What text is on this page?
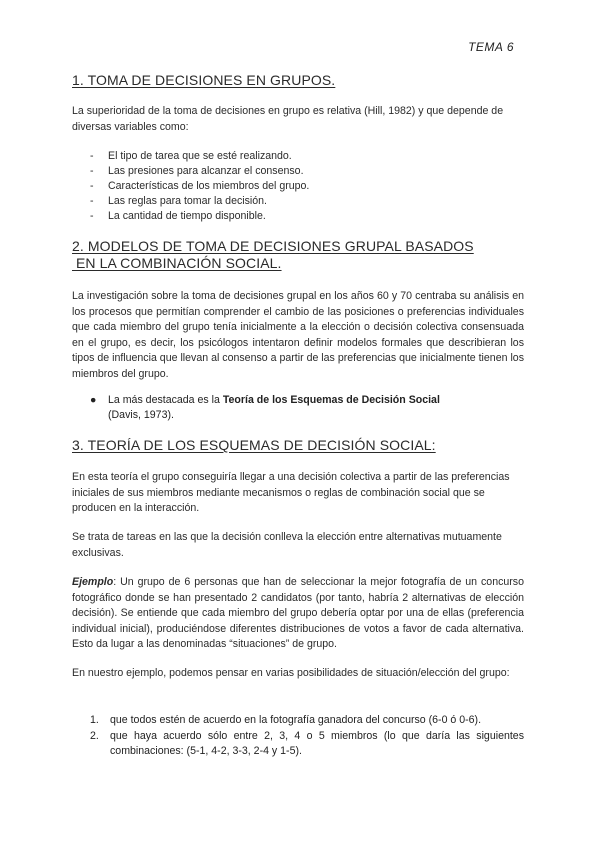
TEMA 6
1. TOMA DE DECISIONES EN GRUPOS.
La superioridad de la toma de decisiones en grupo es relativa (Hill, 1982) y que depende de
diversas variables como:
- El tipo de tarea que se esté realizando.
- Las presiones para alcanzar el consenso.
- Características de los miembros del grupo.
- Las reglas para tomar la decisión.
- La cantidad de tiempo disponible.
2. MODELOS DE TOMA DE DECISIONES GRUPAL BASADOS
EN LA COMBINACIÓN SOCIAL.
La investigación sobre la toma de decisiones grupal en los años 60 y 70 centraba su análisis en los procesos que permitían comprender el cambio de las posiciones o preferencias individuales que cada miembro del grupo tenía inicialmente a la elección o decisión colectiva consensuada en el grupo, es decir, los psicólogos intentaron definir modelos formales que describieran los tipos de influencia que llevan al consenso a partir de las preferencias que inicialmente tienen los miembros del grupo.
● La más destacada es la Teoría de los Esquemas de Decisión Social
(Davis, 1973).
3. TEORÍA DE LOS ESQUEMAS DE DECISIÓN SOCIAL:
En esta teoría el grupo conseguiría llegar a una decisión colectiva a partir de las preferencias iniciales de sus miembros mediante mecanismos o reglas de combinación social que se producen en la interacción.
Se trata de tareas en las que la decisión conlleva la elección entre alternativas mutuamente exclusivas.
Ejemplo: Un grupo de 6 personas que han de seleccionar la mejor fotografía de un concurso fotográfico donde se han presentado 2 candidatos (por tanto, habría 2 alternativas de elección decisión). Se entiende que cada miembro del grupo debería optar por una de ellas (preferencia individual inicial), produciéndose diferentes distribuciones de votos a favor de cada alternativa. Esto da lugar a las denominadas “situaciones” de grupo.
En nuestro ejemplo, podemos pensar en varias posibilidades de situación/elección del grupo:
1. que todos estén de acuerdo en la fotografía ganadora del concurso (6-0 ó 0-6).
2. que haya acuerdo sólo entre 2, 3, 4 o 5 miembros (lo que daría las siguientes combinaciones: (5-1, 4-2, 3-3, 2-4 y 1-5).
